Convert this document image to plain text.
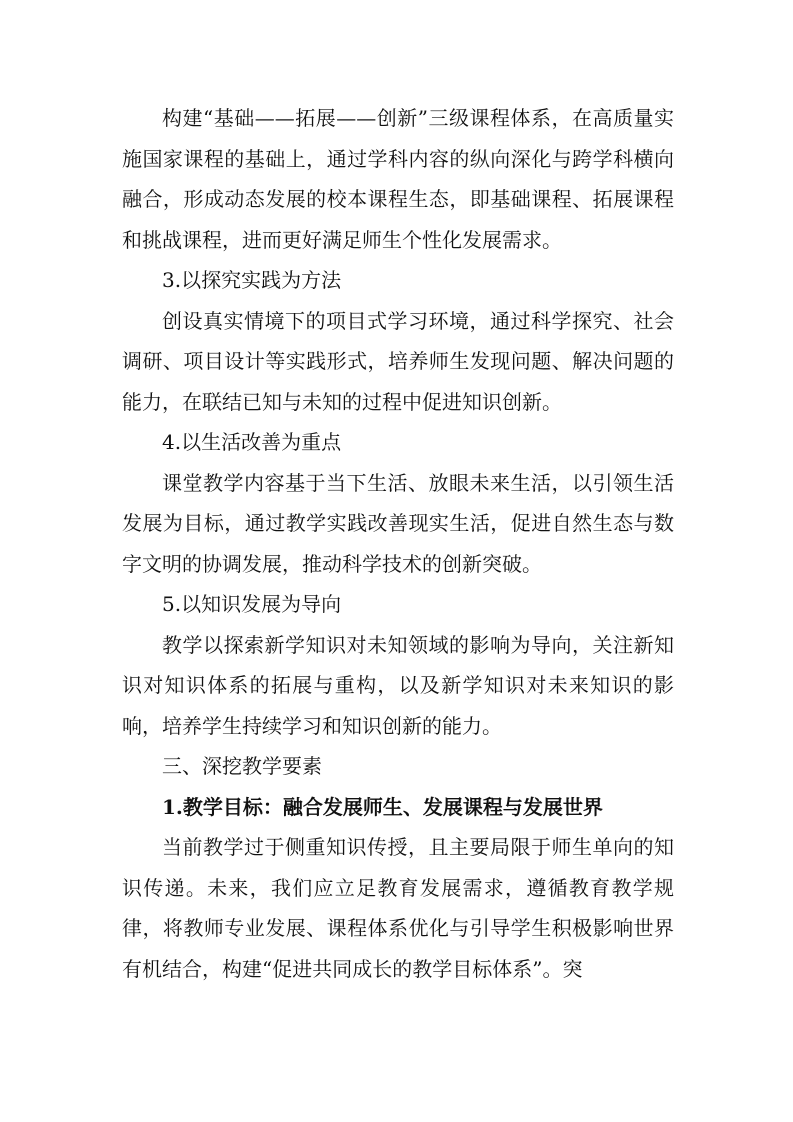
构建“基础——拓展——创新”三级课程体系，在高质量实施国家课程的基础上，通过学科内容的纵向深化与跨学科横向融合，形成动态发展的校本课程生态，即基础课程、拓展课程和挑战课程，进而更好满足师生个性化发展需求。

3.以探究实践为方法

创设真实情境下的项目式学习环境，通过科学探究、社会调研、项目设计等实践形式，培养师生发现问题、解决问题的能力，在联结已知与未知的过程中促进知识创新。

4.以生活改善为重点

课堂教学内容基于当下生活、放眼未来生活，以引领生活发展为目标，通过教学实践改善现实生活，促进自然生态与数字文明的协调发展，推动科学技术的创新突破。

5.以知识发展为导向

教学以探索新学知识对未知领域的影响为导向，关注新知识对知识体系的拓展与重构，以及新学知识对未来知识的影响，培养学生持续学习和知识创新的能力。

三、深挖教学要素

1.教学目标：融合发展师生、发展课程与发展世界

当前教学过于侧重知识传授，且主要局限于师生单向的知识传递。未来，我们应立足教育发展需求，遵循教育教学规律，将教师专业发展、课程体系优化与引导学生积极影响世界有机结合，构建“促进共同成长的教学目标体系”。突
